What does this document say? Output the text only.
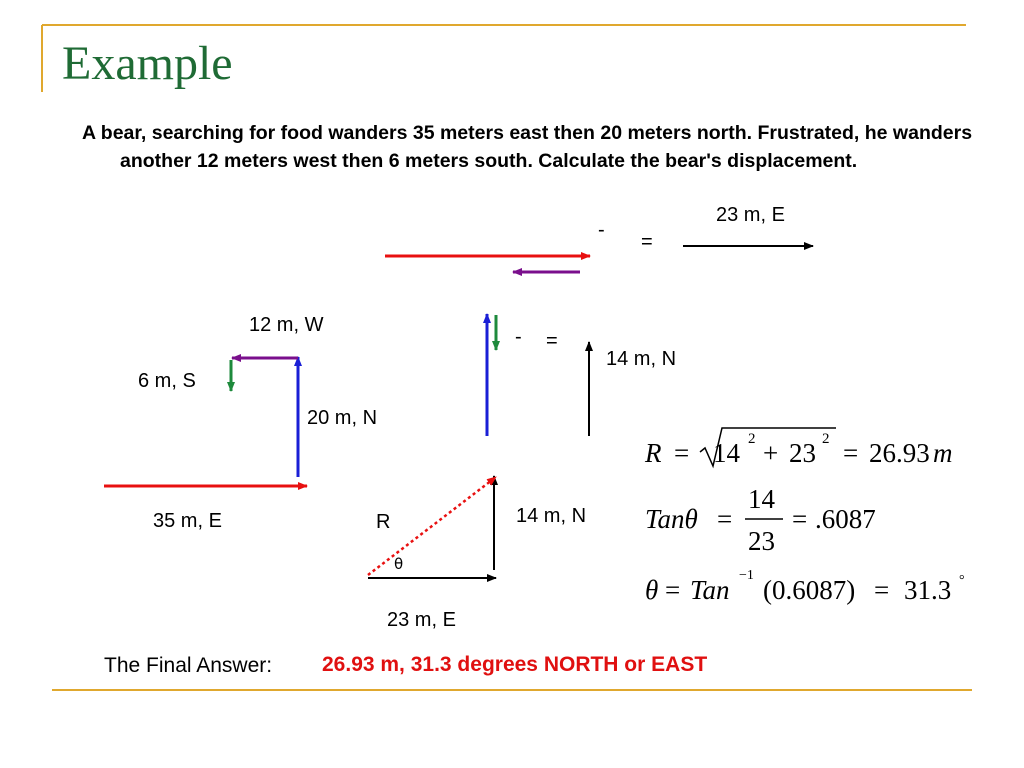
Example
A bear, searching for food wanders 35 meters east then 20 meters north. Frustrated, he wanders another 12 meters west then 6 meters south. Calculate the bear's displacement.
23 m, E
-
=
- =
14 m, N
12 m, W
6 m, S
20 m, N
35 m, E	R
θ
14 m, N
23 m, E
R = 14 2 + 23 2 = 26.93 m
Tanθ =
14
23
= .6087
θ = Tan −1 (0.6087) = 31.3 °
The Final Answer: 26.93 m, 31.3 degrees NORTH or EAST
